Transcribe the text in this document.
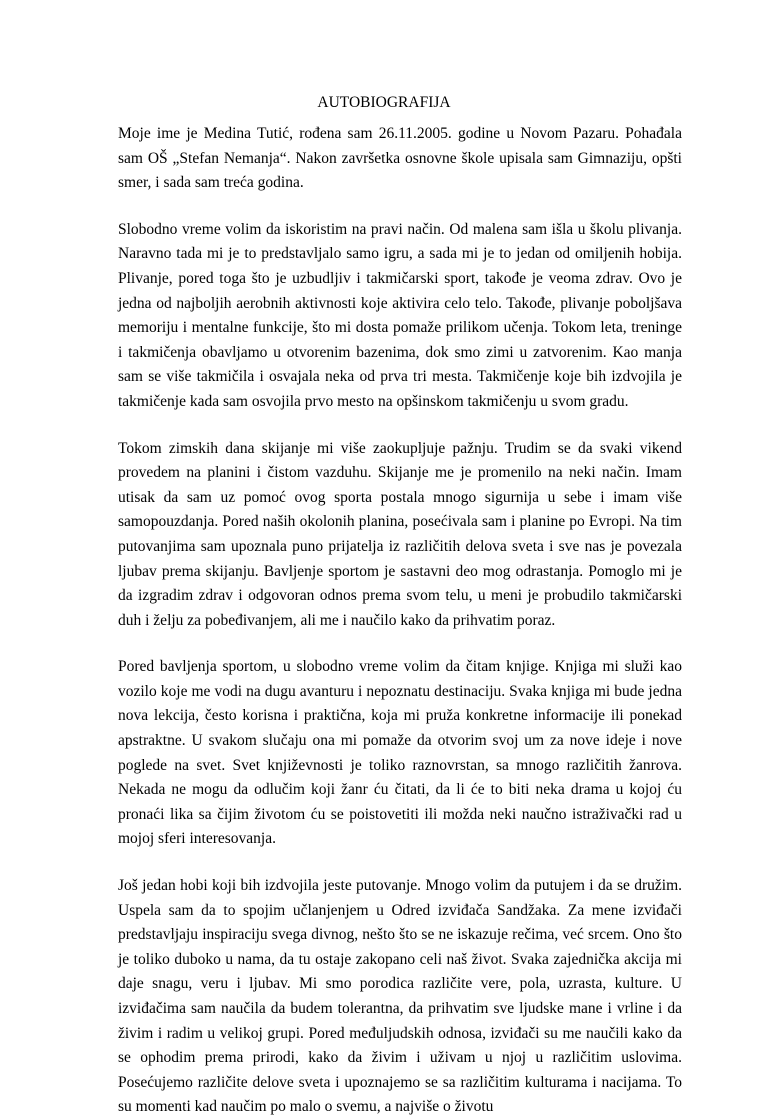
AUTOBIOGRAFIJA

Moje ime je Medina Tutić, rođena sam 26.11.2005. godine u Novom Pazaru. Pohađala sam OŠ „Stefan Nemanja“. Nakon završetka osnovne škole upisala sam Gimnaziju, opšti smer, i sada sam treća godina.

Slobodno vreme volim da iskoristim na pravi način. Od malena sam išla u školu plivanja. Naravno tada mi je to predstavljalo samo igru, a sada mi je to jedan od omiljenih hobija. Plivanje, pored toga što je uzbudljiv i takmičarski sport, takođe je veoma zdrav. Ovo je jedna od najboljih aerobnih aktivnosti koje aktivira celo telo. Takođe, plivanje poboljšava memoriju i mentalne funkcije, što mi dosta pomaže prilikom učenja. Tokom leta, treninge i takmičenja obavljamo u otvorenim bazenima, dok smo zimi u zatvorenim. Kao manja sam se više takmičila i osvajala neka od prva tri mesta. Takmičenje koje bih izdvojila je takmičenje kada sam osvojila prvo mesto na opšinskom takmičenju u svom gradu.

Tokom zimskih dana skijanje mi više zaokupljuje pažnju. Trudim se da svaki vikend provedem na planini i čistom vazduhu. Skijanje me je promenilo na neki način. Imam utisak da sam uz pomoć ovog sporta postala mnogo sigurnija u sebe i imam više samopouzdanja. Pored naših okolonih planina, posećivala sam i planine po Evropi. Na tim putovanjima sam upoznala puno prijatelja iz različitih delova sveta i sve nas je povezala ljubav prema skijanju. Bavljenje sportom je sastavni deo mog odrastanja. Pomoglo mi je da izgradim zdrav i odgovoran odnos prema svom telu, u meni je probudilo takmičarski duh i želju za pobeđivanjem, ali me i naučilo kako da prihvatim poraz.

Pored bavljenja sportom, u slobodno vreme volim da čitam knjige. Knjiga mi služi kao vozilo koje me vodi na dugu avanturu i nepoznatu destinaciju. Svaka knjiga mi bude jedna nova lekcija, često korisna i praktična, koja mi pruža konkretne informacije ili ponekad apstraktne. U svakom slučaju ona mi pomaže da otvorim svoj um za nove ideje i nove poglede na svet. Svet književnosti je toliko raznovrstan, sa mnogo različitih žanrova. Nekada ne mogu da odlučim koji žanr ću čitati, da li će to biti neka drama u kojoj ću pronaći lika sa čijim životom ću se poistovetiti ili možda neki naučno istraživački rad u mojoj sferi interesovanja.

Još jedan hobi koji bih izdvojila jeste putovanje. Mnogo volim da putujem i da se družim. Uspela sam da to spojim učlanjenjem u Odred izviđača Sandžaka. Za mene izviđači predstavljaju inspiraciju svega divnog, nešto što se ne iskazuje rečima, već srcem. Ono što je toliko duboko u nama, da tu ostaje zakopano celi naš život. Svaka zajednička akcija mi daje snagu, veru i ljubav. Mi smo porodica različite vere, pola, uzrasta, kulture. U izviđačima sam naučila da budem tolerantna, da prihvatim sve ljudske mane i vrline i da živim i radim u velikoj grupi. Pored međuljudskih odnosa, izviđači su me naučili kako da se ophodim prema prirodi, kako da živim i uživam u njoj u različitim uslovima. Posećujemo različite delove sveta i upoznajemo se sa različitim kulturama i nacijama. To su momenti kad naučim po malo o svemu, a najviše o životu
